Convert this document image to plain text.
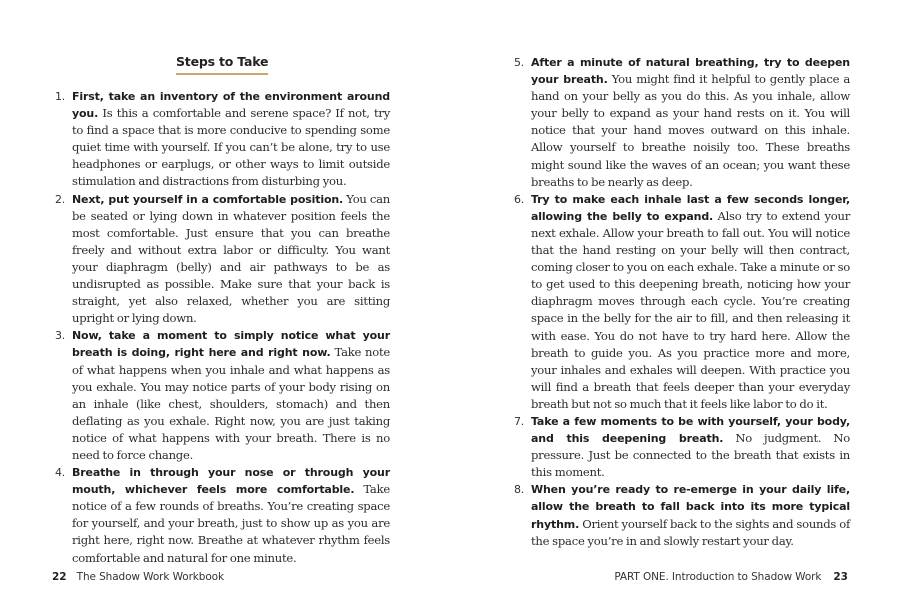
Steps to Take
1. First, take an inventory of the environment around you. Is this a comfortable and serene space? If not, try to find a space that is more conducive to spending some quiet time with yourself. If you can’t be alone, try to use headphones or earplugs, or other ways to limit outside stimulation and distractions from disturbing you.
2. Next, put yourself in a comfortable position. You can be seated or lying down in whatever position feels the most comfortable. Just ensure that you can breathe freely and without extra labor or difficulty. You want your diaphragm (belly) and air pathways to be as undisrupted as possible. Make sure that your back is straight, yet also relaxed, whether you are sitting upright or lying down.
3. Now, take a moment to simply notice what your breath is doing, right here and right now. Take note of what happens when you inhale and what happens as you exhale. You may notice parts of your body rising on an inhale (like chest, shoulders, stomach) and then deflating as you exhale. Right now, you are just taking notice of what happens with your breath. There is no need to force change.
4. Breathe in through your nose or through your mouth, whichever feels more comfortable. Take notice of a few rounds of breaths. You’re creating space for yourself, and your breath, just to show up as you are right here, right now. Breathe at whatever rhythm feels comfortable and natural for one minute.
22 The Shadow Work Workbook
5. After a minute of natural breathing, try to deepen your breath. You might find it helpful to gently place a hand on your belly as you do this. As you inhale, allow your belly to expand as your hand rests on it. You will notice that your hand moves outward on this inhale. Allow yourself to breathe noisily too. These breaths might sound like the waves of an ocean; you want these breaths to be nearly as deep.
6. Try to make each inhale last a few seconds longer, allowing the belly to expand. Also try to extend your next exhale. Allow your breath to fall out. You will notice that the hand resting on your belly will then contract, coming closer to you on each exhale. Take a minute or so to get used to this deepening breath, noticing how your diaphragm moves through each cycle. You’re creating space in the belly for the air to fill, and then releasing it with ease. You do not have to try hard here. Allow the breath to guide you. As you practice more and more, your inhales and exhales will deepen. With practice you will find a breath that feels deeper than your everyday breath but not so much that it feels like labor to do it.
7. Take a few moments to be with yourself, your body, and this deepening breath. No judgment. No pressure. Just be connected to the breath that exists in this moment.
8. When you’re ready to re-emerge in your daily life, allow the breath to fall back into its more typical rhythm. Orient yourself back to the sights and sounds of the space you’re in and slowly restart your day.
PART ONE. Introduction to Shadow Work 23
